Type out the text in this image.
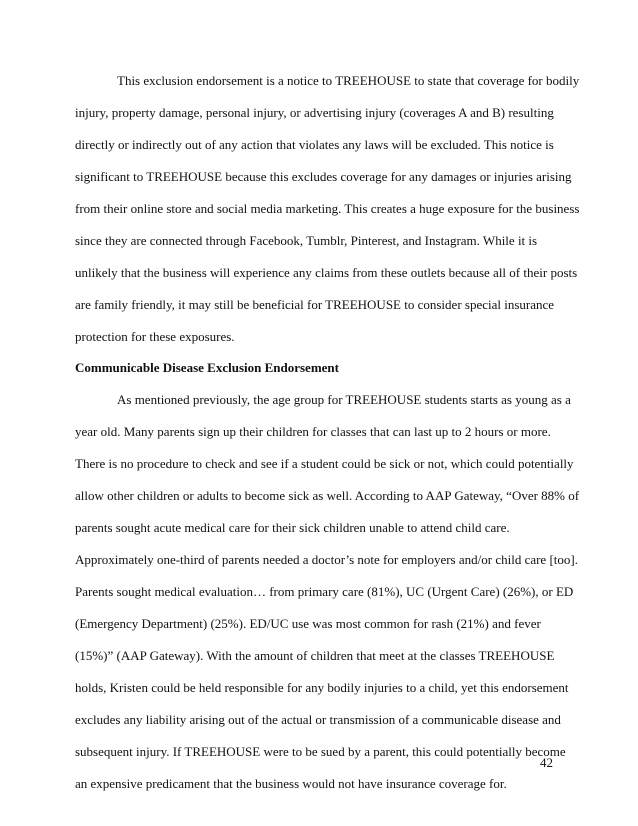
This exclusion endorsement is a notice to TREEHOUSE to state that coverage for bodily
injury, property damage, personal injury, or advertising injury (coverages A and B) resulting
directly or indirectly out of any action that violates any laws will be excluded. This notice is
significant to TREEHOUSE because this excludes coverage for any damages or injuries arising
from their online store and social media marketing. This creates a huge exposure for the business
since they are connected through Facebook, Tumblr, Pinterest, and Instagram. While it is
unlikely that the business will experience any claims from these outlets because all of their posts
are family friendly, it may still be beneficial for TREEHOUSE to consider special insurance
protection for these exposures.
Communicable Disease Exclusion Endorsement
As mentioned previously, the age group for TREEHOUSE students starts as young as a
year old. Many parents sign up their children for classes that can last up to 2 hours or more.
There is no procedure to check and see if a student could be sick or not, which could potentially
allow other children or adults to become sick as well. According to AAP Gateway, “Over 88% of
parents sought acute medical care for their sick children unable to attend child care.
Approximately one-third of parents needed a doctor’s note for employers and/or child care [too].
Parents sought medical evaluation… from primary care (81%), UC (Urgent Care) (26%), or ED
(Emergency Department) (25%). ED/UC use was most common for rash (21%) and fever
(15%)” (AAP Gateway). With the amount of children that meet at the classes TREEHOUSE
holds, Kristen could be held responsible for any bodily injuries to a child, yet this endorsement
excludes any liability arising out of the actual or transmission of a communicable disease and
subsequent injury. If TREEHOUSE were to be sued by a parent, this could potentially become
an expensive predicament that the business would not have insurance coverage for.
42
